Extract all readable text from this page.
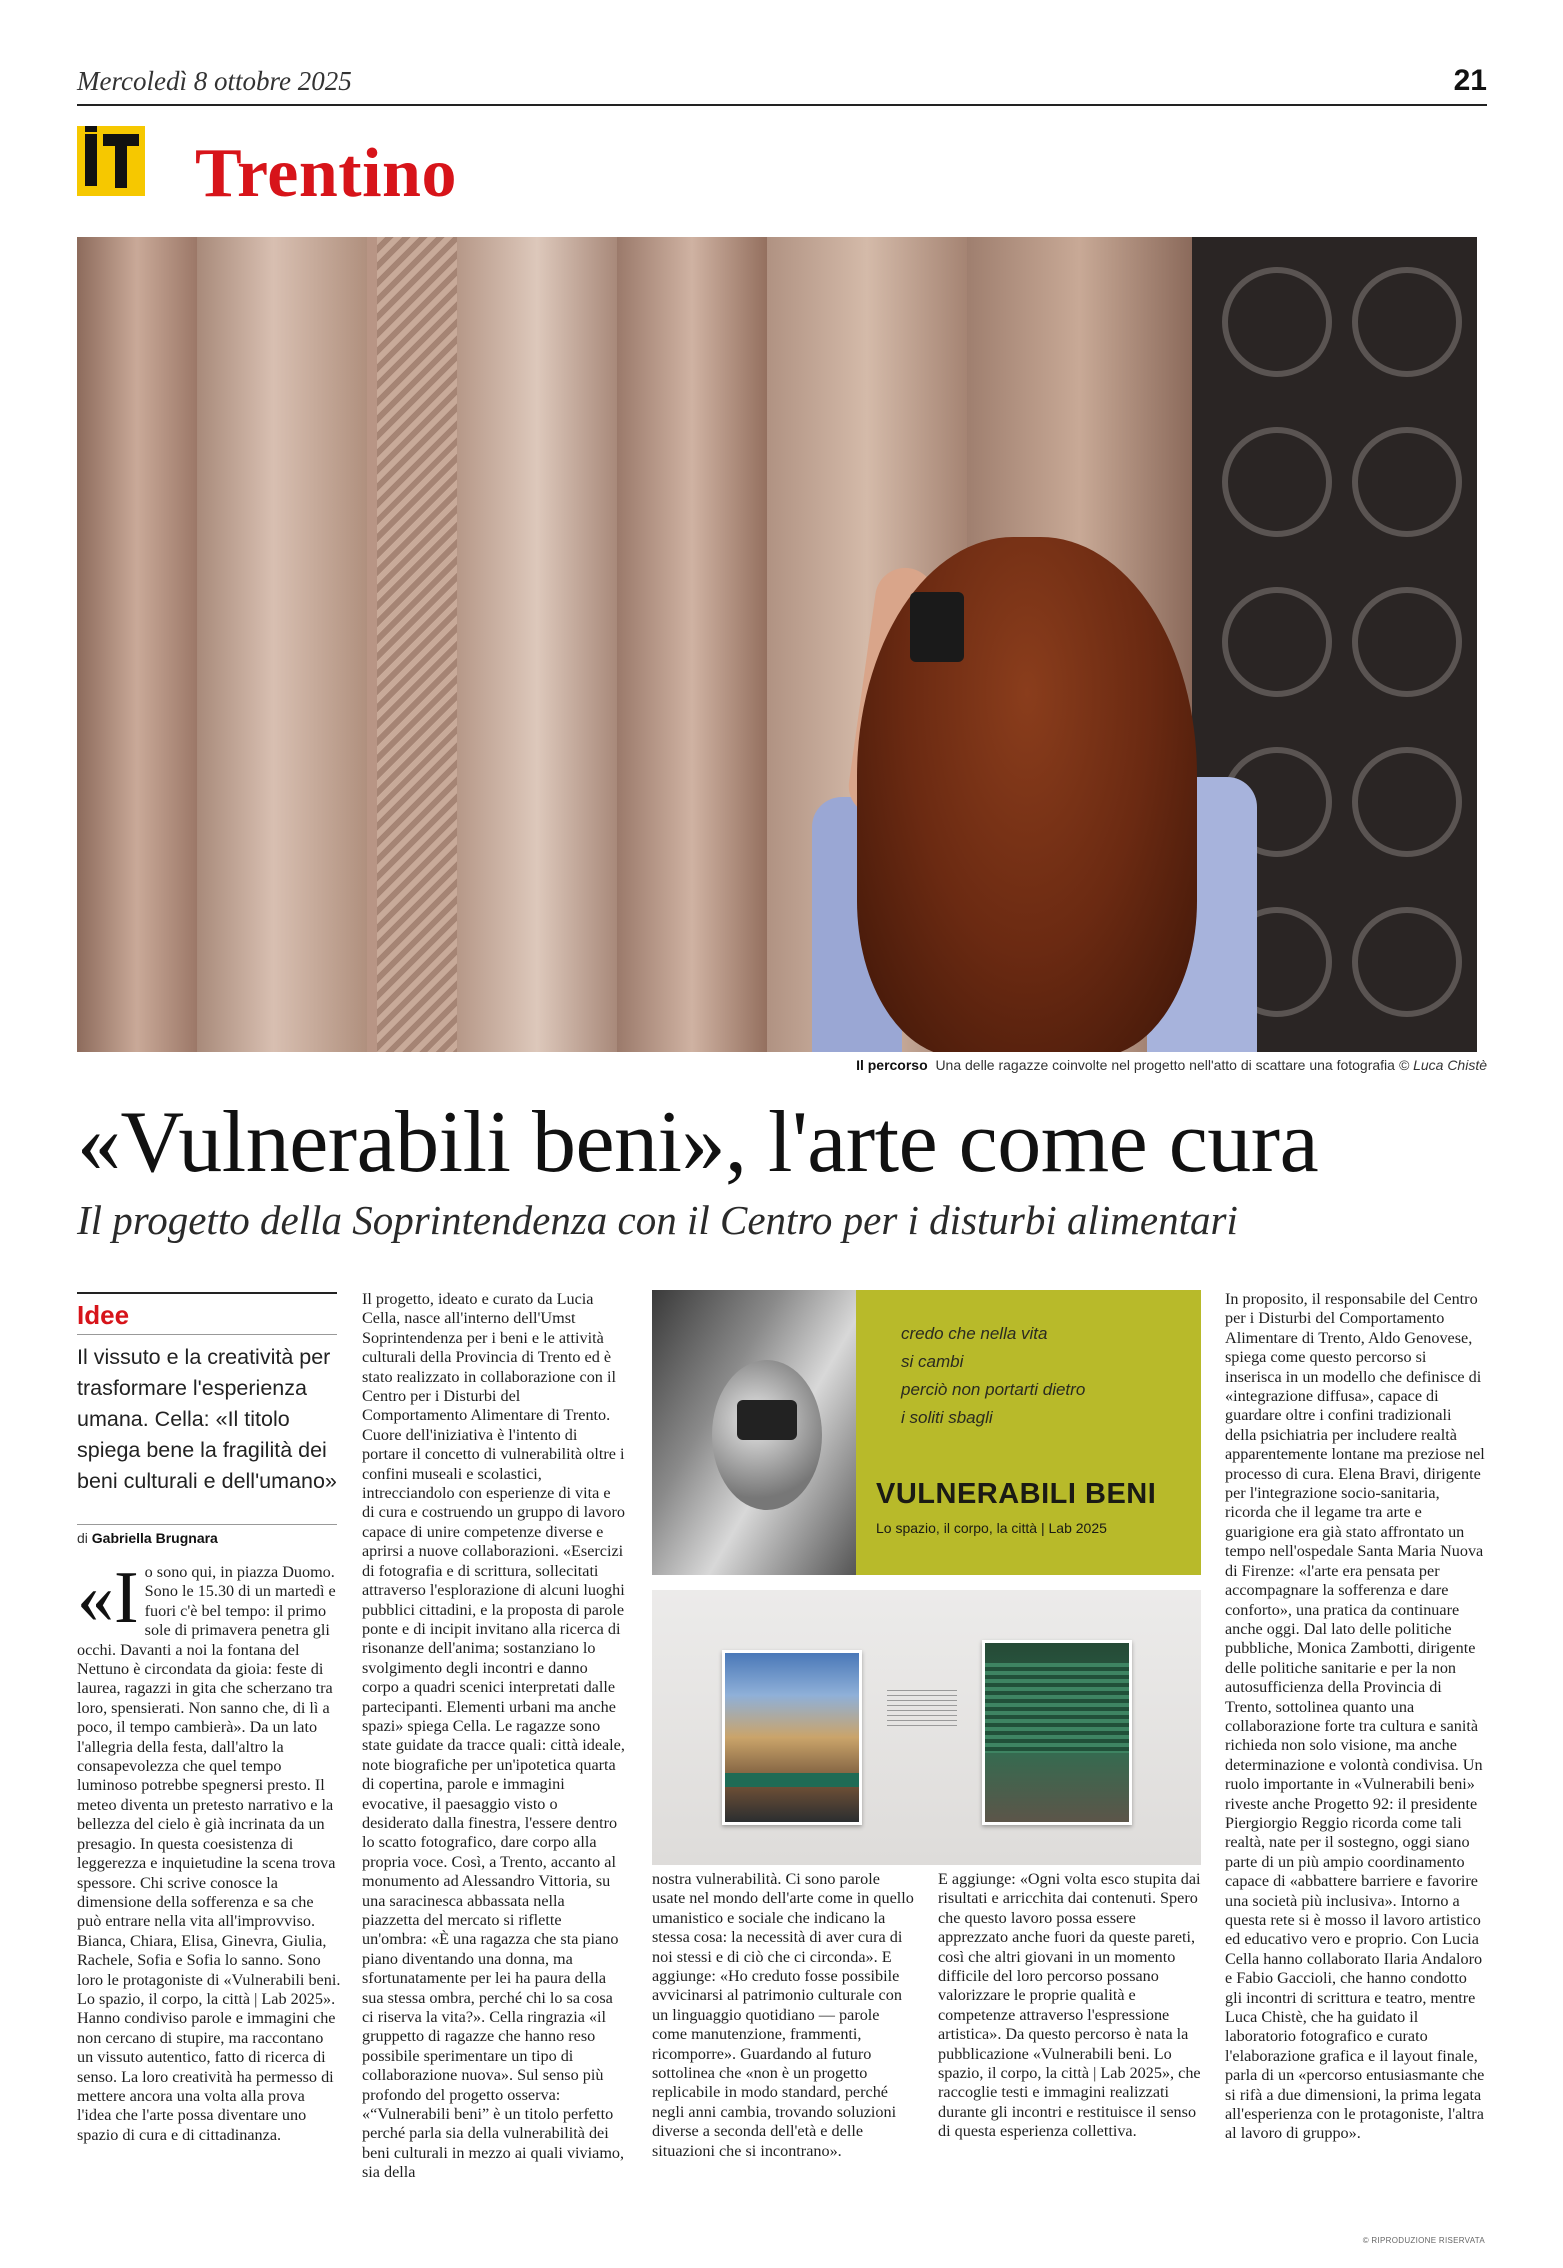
Mercoledì 8 ottobre 2025	21
Trentino
Il percorso Una delle ragazze coinvolte nel progetto nell'atto di scattare una fotografia © Luca Chistè
«Vulnerabili beni», l'arte come cura
Il progetto della Soprintendenza con il Centro per i disturbi alimentari
Idee
Il vissuto e la creatività per trasformare l'esperienza umana. Cella: «Il titolo spiega bene la fragilità dei beni culturali e dell'umano»
di Gabriella Brugnara
«I o sono qui, in piazza Duomo. Sono le 15.30 di un martedì e fuori c'è bel tempo: il primo sole di primavera penetra gli occhi. Davanti a noi la fontana del Nettuno è circondata da gioia: feste di laurea, ragazzi in gita che scherzano tra loro, spensierati. Non sanno che, di lì a poco, il tempo cambierà». Da un lato l'allegria della festa, dall'altro la consapevolezza che quel tempo luminoso potrebbe spegnersi presto. Il meteo diventa un pretesto narrativo e la bellezza del cielo è già incrinata da un presagio. In questa coesistenza di leggerezza e inquietudine la scena trova spessore. Chi scrive conosce la dimensione della sofferenza e sa che può entrare nella vita all'improvviso. Bianca, Chiara, Elisa, Ginevra, Giulia, Rachele, Sofia e Sofia lo sanno. Sono loro le protagoniste di «Vulnerabili beni. Lo spazio, il corpo, la città | Lab 2025». Hanno condiviso parole e immagini che non cercano di stupire, ma raccontano un vissuto autentico, fatto di ricerca di senso. La loro creatività ha permesso di mettere ancora una volta alla prova l'idea che l'arte possa diventare uno spazio di cura e di cittadinanza.

Il progetto, ideato e curato da Lucia Cella, nasce all'interno dell'Umst Soprintendenza per i beni e le attività culturali della Provincia di Trento ed è stato realizzato in collaborazione con il Centro per i Disturbi del Comportamento Alimentare di Trento. Cuore dell'iniziativa è l'intento di portare il concetto di vulnerabilità oltre i confini museali e scolastici, intrecciandolo con esperienze di vita e di cura e costruendo un gruppo di lavoro capace di unire competenze diverse e aprirsi a nuove collaborazioni. «Esercizi di fotografia e di scrittura, sollecitati attraverso l'esplorazione di alcuni luoghi pubblici cittadini, e la proposta di parole ponte e di incipit invitano alla ricerca di risonanze dell'anima; sostanziano lo svolgimento degli incontri e danno corpo a quadri scenici interpretati dalle partecipanti. Elementi urbani ma anche spazi» spiega Cella. Le ragazze sono state guidate da tracce quali: città ideale, note biografiche per un'ipotetica quarta di copertina, parole e immagini evocative, il paesaggio visto o desiderato dalla finestra, l'essere dentro lo scatto fotografico, dare corpo alla propria voce. Così, a Trento, accanto al monumento ad Alessandro Vittoria, su una saracinesca abbassata nella piazzetta del mercato si riflette un'ombra: «È una ragazza che sta piano piano diventando una donna, ma sfortunatamente per lei ha paura della sua stessa ombra, perché chi lo sa cosa ci riserva la vita?». Cella ringrazia «il gruppetto di ragazze che hanno reso possibile sperimentare un tipo di collaborazione nuova». Sul senso più profondo del progetto osserva: «“Vulnerabili beni” è un titolo perfetto perché parla sia della vulnerabilità dei beni culturali in mezzo ai quali viviamo, sia della

credo che nella vita
si cambi
perciò non portarti dietro
i soliti sbagli
VULNERABILI BENI
Lo spazio, il corpo, la città | Lab 2025

nostra vulnerabilità. Ci sono parole usate nel mondo dell'arte come in quello umanistico e sociale che indicano la stessa cosa: la necessità di aver cura di noi stessi e di ciò che ci circonda». E aggiunge: «Ho creduto fosse possibile avvicinarsi al patrimonio culturale con un linguaggio quotidiano — parole come manutenzione, frammenti, ricomporre». Guardando al futuro sottolinea che «non è un progetto replicabile in modo standard, perché negli anni cambia, trovando soluzioni diverse a seconda dell'età e delle situazioni che si incontrano».

E aggiunge: «Ogni volta esco stupita dai risultati e arricchita dai contenuti. Spero che questo lavoro possa essere apprezzato anche fuori da queste pareti, così che altri giovani in un momento difficile del loro percorso possano valorizzare le proprie qualità e competenze attraverso l'espressione artistica». Da questo percorso è nata la pubblicazione «Vulnerabili beni. Lo spazio, il corpo, la città | Lab 2025», che raccoglie testi e immagini realizzati durante gli incontri e restituisce il senso di questa esperienza collettiva.

In proposito, il responsabile del Centro per i Disturbi del Comportamento Alimentare di Trento, Aldo Genovese, spiega come questo percorso si inserisca in un modello che definisce di «integrazione diffusa», capace di guardare oltre i confini tradizionali della psichiatria per includere realtà apparentemente lontane ma preziose nel processo di cura. Elena Bravi, dirigente per l'integrazione socio-sanitaria, ricorda che il legame tra arte e guarigione era già stato affrontato un tempo nell'ospedale Santa Maria Nuova di Firenze: «l'arte era pensata per accompagnare la sofferenza e dare conforto», una pratica da continuare anche oggi. Dal lato delle politiche pubbliche, Monica Zambotti, dirigente delle politiche sanitarie e per la non autosufficienza della Provincia di Trento, sottolinea quanto una collaborazione forte tra cultura e sanità richieda non solo visione, ma anche determinazione e volontà condivisa. Un ruolo importante in «Vulnerabili beni» riveste anche Progetto 92: il presidente Piergiorgio Reggio ricorda come tali realtà, nate per il sostegno, oggi siano parte di un più ampio coordinamento capace di «abbattere barriere e favorire una società più inclusiva». Intorno a questa rete si è mosso il lavoro artistico ed educativo vero e proprio. Con Lucia Cella hanno collaborato Ilaria Andaloro e Fabio Gaccioli, che hanno condotto gli incontri di scrittura e teatro, mentre Luca Chistè, che ha guidato il laboratorio fotografico e curato l'elaborazione grafica e il layout finale, parla di un «percorso entusiasmante che si rifà a due dimensioni, la prima legata all'esperienza con le protagoniste, l'altra al lavoro di gruppo».

© RIPRODUZIONE RISERVATA
